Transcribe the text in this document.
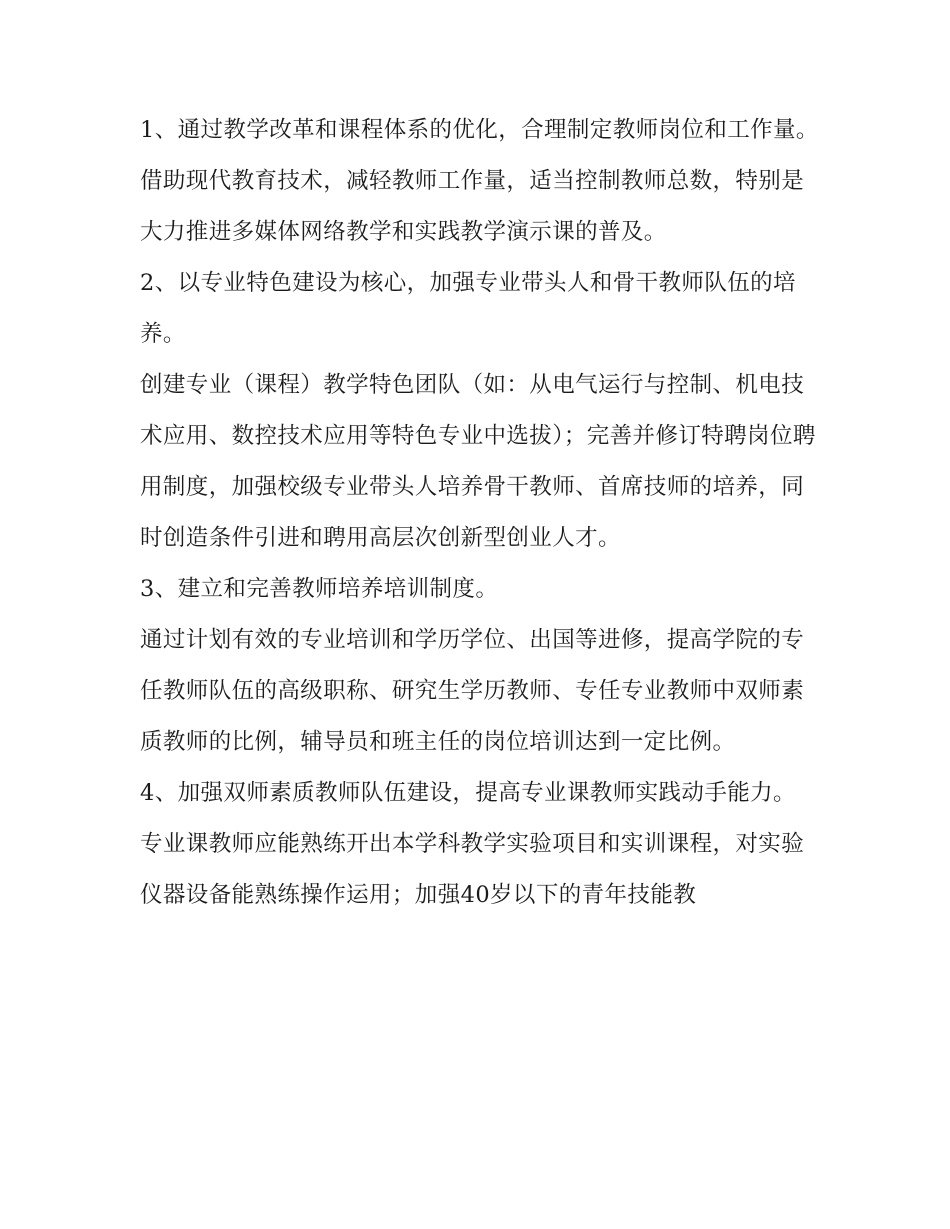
1、通过教学改革和课程体系的优化，合理制定教师岗位和工作量。

借助现代教育技术，减轻教师工作量，适当控制教师总数，特别是大力推进多媒体网络教学和实践教学演示课的普及。

2、以专业特色建设为核心，加强专业带头人和骨干教师队伍的培养。

创建专业（课程）教学特色团队（如：从电气运行与控制、机电技术应用、数控技术应用等特色专业中选拔）；完善并修订特聘岗位聘用制度，加强校级专业带头人培养骨干教师、首席技师的培养，同时创造条件引进和聘用高层次创新型创业人才。

3、建立和完善教师培养培训制度。

通过计划有效的专业培训和学历学位、出国等进修，提高学院的专任教师队伍的高级职称、研究生学历教师、专任专业教师中双师素质教师的比例，辅导员和班主任的岗位培训达到一定比例。

4、加强双师素质教师队伍建设，提高专业课教师实践动手能力。

专业课教师应能熟练开出本学科教学实验项目和实训课程，对实验仪器设备能熟练操作运用；加强40岁以下的青年技能教
